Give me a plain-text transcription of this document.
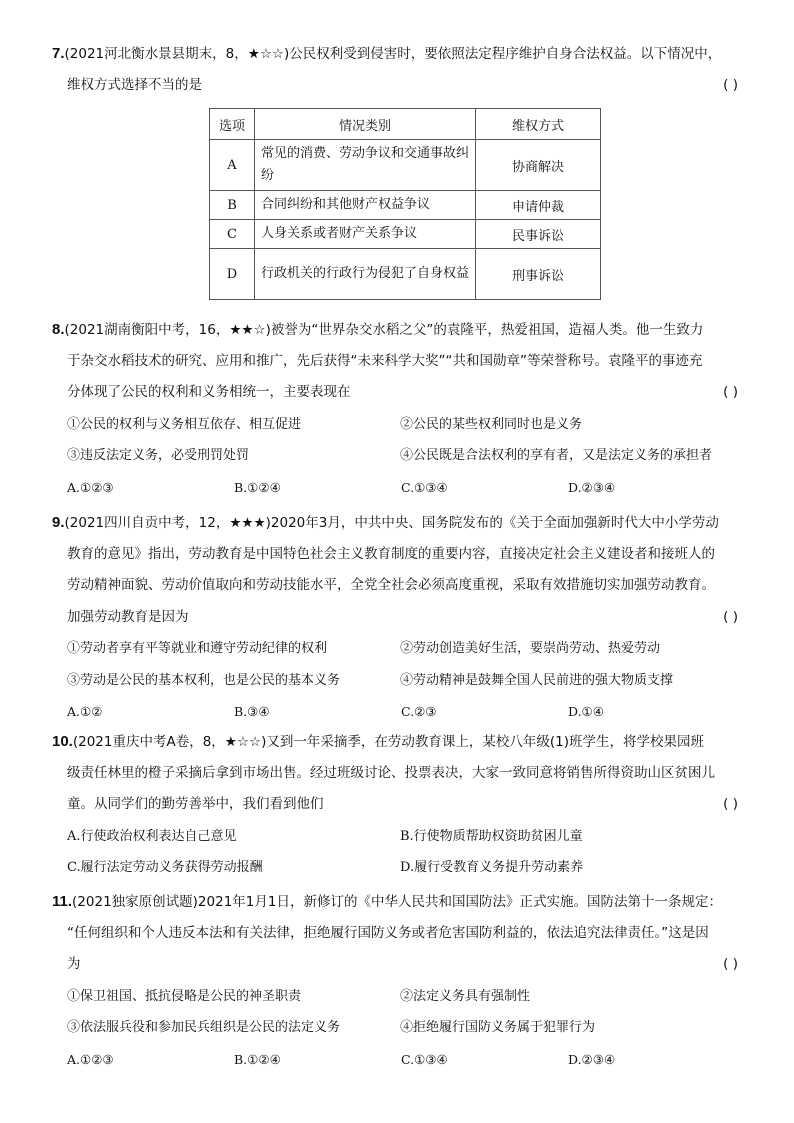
7.(2021河北衡水景县期末，8，★☆☆)公民权利受到侵害时，要依照法定程序维护自身合法权益。以下情况中，
维权方式选择不当的是	( )
选项	情况类别	维权方式
A	常见的消费、劳动争议和交通事故纠纷	协商解决
B	合同纠纷和其他财产权益争议	申请仲裁
C	人身关系或者财产关系争议	民事诉讼
D	行政机关的行政行为侵犯了自身权益	刑事诉讼
8.(2021湖南衡阳中考，16，★★☆)被誉为“世界杂交水稻之父”的袁隆平，热爱祖国，造福人类。他一生致力
于杂交水稻技术的研究、应用和推广，先后获得“未来科学大奖”“共和国勋章”等荣誉称号。袁隆平的事迹充
分体现了公民的权利和义务相统一，主要表现在	( )
①公民的权利与义务相互依存、相互促进	②公民的某些权利同时也是义务
③违反法定义务，必受刑罚处罚	④公民既是合法权利的享有者，又是法定义务的承担者
A.①②③	B.①②④	C.①③④	D.②③④
9.(2021四川自贡中考，12，★★★)2020年3月，中共中央、国务院发布的《关于全面加强新时代大中小学劳动
教育的意见》指出，劳动教育是中国特色社会主义教育制度的重要内容，直接决定社会主义建设者和接班人的
劳动精神面貌、劳动价值取向和劳动技能水平，全党全社会必须高度重视，采取有效措施切实加强劳动教育。
加强劳动教育是因为	( )
①劳动者享有平等就业和遵守劳动纪律的权利	②劳动创造美好生活，要崇尚劳动、热爱劳动
③劳动是公民的基本权利，也是公民的基本义务	④劳动精神是鼓舞全国人民前进的强大物质支撑
A.①②	B.③④	C.②③	D.①④
10.(2021重庆中考A卷，8，★☆☆)又到一年采摘季，在劳动教育课上，某校八年级(1)班学生，将学校果园班
级责任林里的橙子采摘后拿到市场出售。经过班级讨论、投票表决，大家一致同意将销售所得资助山区贫困儿
童。从同学们的勤劳善举中，我们看到他们	( )
A.行使政治权利表达自己意见	B.行使物质帮助权资助贫困儿童
C.履行法定劳动义务获得劳动报酬	D.履行受教育义务提升劳动素养
11.(2021独家原创试题)2021年1月1日，新修订的《中华人民共和国国防法》正式实施。国防法第十一条规定：
“任何组织和个人违反本法和有关法律，拒绝履行国防义务或者危害国防利益的，依法追究法律责任。”这是因
为	( )
①保卫祖国、抵抗侵略是公民的神圣职责	②法定义务具有强制性
③依法服兵役和参加民兵组织是公民的法定义务	④拒绝履行国防义务属于犯罪行为
A.①②③	B.①②④	C.①③④	D.②③④
